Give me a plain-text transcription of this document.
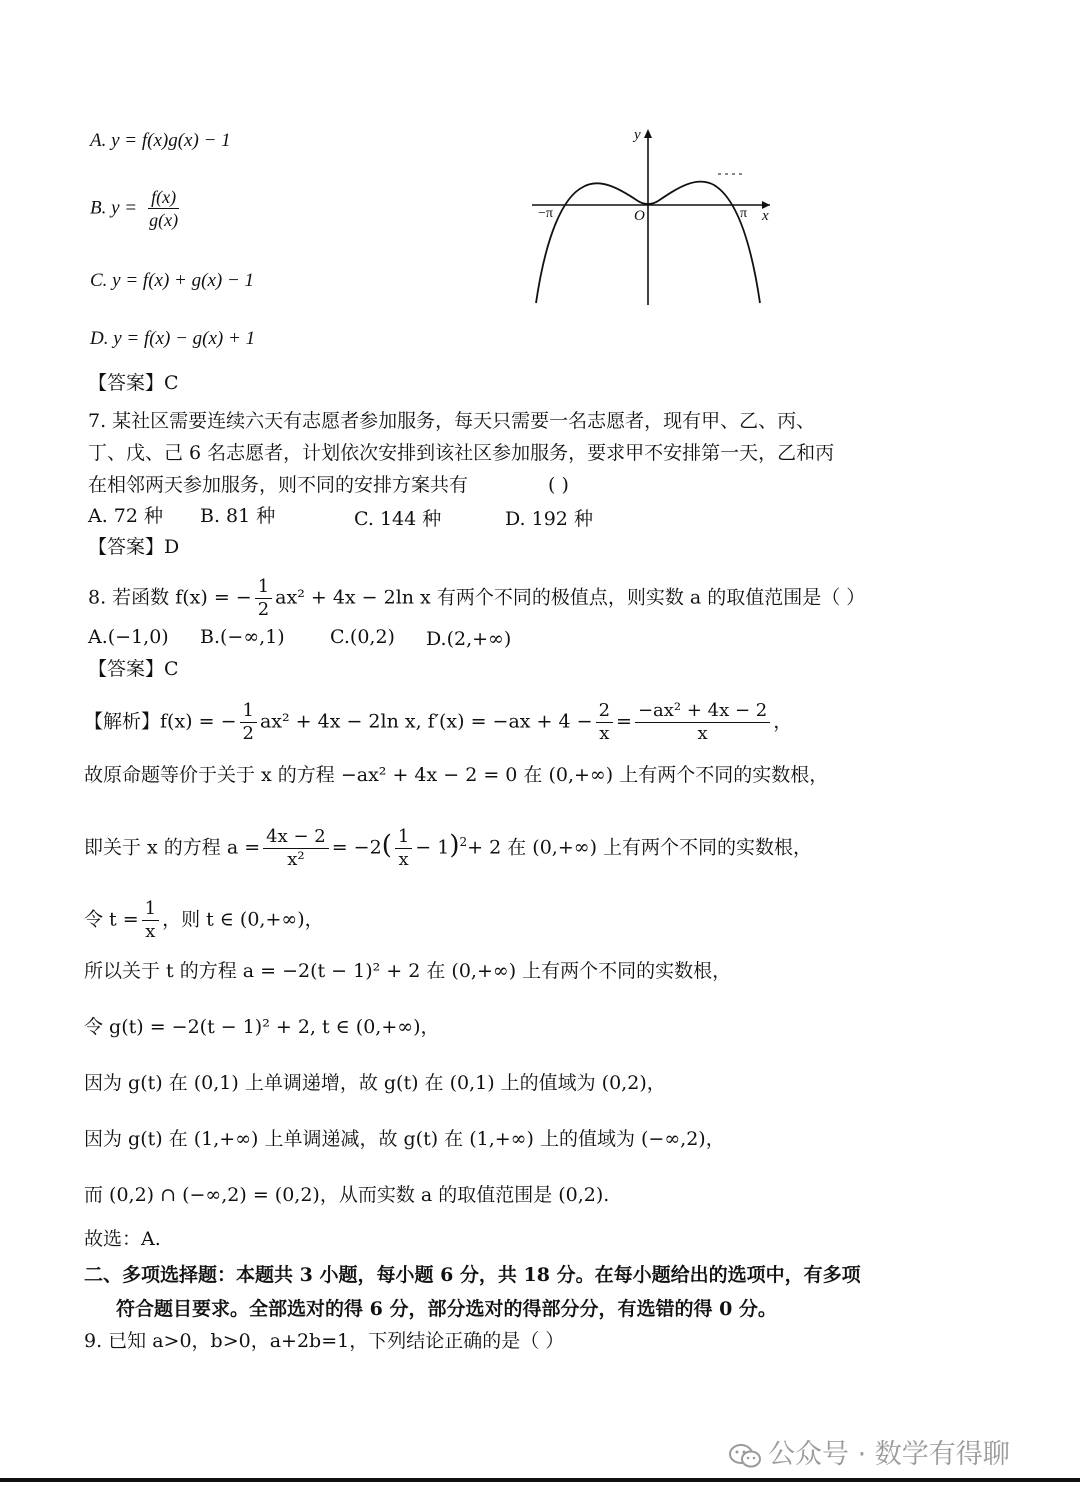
A. y = f(x)g(x) − 1
B. $y = \frac{f(x)}{g(x)}$
C. y = f(x) + g(x) − 1
D. y = f(x) − g(x) + 1
【答案】C
y
x
O
−π	π
7. 某社区需要连续六天有志愿者参加服务，每天只需要一名志愿者，现有甲、乙、丙、
丁、戊、己 6 名志愿者，计划依次安排到该社区参加服务，要求甲不安排第一天，乙和丙
在相邻两天参加服务，则不同的安排方案共有	( )
A. 72 种 B. 81 种	C. 144 种	D. 192 种
【答案】D
8. 若函数 f(x) = − $\frac{1}{2} ax^2 + 4x - 2\ln$ x 有两个不同的极值点，则实数 a 的取值范围是（ ）
A.(−1,0) B.(−∞,1) C.(0,2) D.(2,+∞)
【答案】C
【解析】f(x) = − $\frac{1}{2} ax^2 + 4x - 2\ln$ x, $f'(x) = -ax + 4 - \frac{2}{x} = \frac{\text{−ax² + 4x − 2}}{x}$ ，
故原命题等价于关于 x 的方程 −ax² + 4x − 2 = 0 在 (0,+∞) 上有两个不同的实数根，
即关于 x 的方程 $a = \frac{4x - 2}{\text{x²}} = -2( \frac{1}{x} - 1)^2+ 2$ 在 (0,+∞) 上有两个不同的实数根，
令 $t = \frac{1}{x}$ ，则 t ∈ (0,+∞)，
所以关于 t 的方程 a = −2(t − 1)² + 2 在 (0,+∞) 上有两个不同的实数根，
令 g(t) = −2(t − 1)² + 2, t ∈ (0,+∞)，
因为 g(t) 在 (0,1) 上单调递增，故 g(t) 在 (0,1) 上的值域为 (0,2)，
因为 g(t) 在 (1,+∞) 上单调递减，故 g(t) 在 (1,+∞) 上的值域为 (−∞,2)，
而 (0,2) ∩ (−∞,2) = (0,2)，从而实数 a 的取值范围是 (0,2).
故选：A.
二、多项选择题：本题共 3 小题，每小题 6 分，共 18 分。在每小题给出的选项中，有多项
符合题目要求。全部选对的得 6 分，部分选对的得部分分，有选错的得 0 分。
9. 已知 a>0，b>0，a+2b=1，下列结论正确的是（ ）
公众号 · 数学有得聊
